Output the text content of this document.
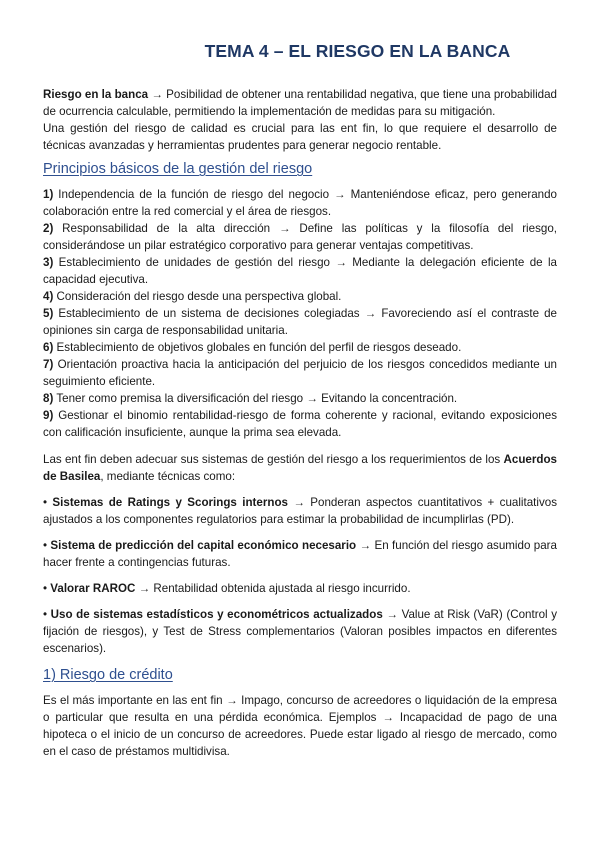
TEMA 4 – EL RIESGO EN LA BANCA

Riesgo en la banca → Posibilidad de obtener una rentabilidad negativa, que tiene una probabilidad de ocurrencia calculable, permitiendo la implementación de medidas para su mitigación.

Una gestión del riesgo de calidad es crucial para las ent fin, lo que requiere el desarrollo de técnicas avanzadas y herramientas prudentes para generar negocio rentable.

Principios básicos de la gestión del riesgo

1) Independencia de la función de riesgo del negocio → Manteniéndose eficaz, pero generando colaboración entre la red comercial y el área de riesgos.

2) Responsabilidad de la alta dirección → Define las políticas y la filosofía del riesgo, considerándose un pilar estratégico corporativo para generar ventajas competitivas.

3) Establecimiento de unidades de gestión del riesgo → Mediante la delegación eficiente de la capacidad ejecutiva.

4) Consideración del riesgo desde una perspectiva global.

5) Establecimiento de un sistema de decisiones colegiadas → Favoreciendo así el contraste de opiniones sin carga de responsabilidad unitaria.

6) Establecimiento de objetivos globales en función del perfil de riesgos deseado.

7) Orientación proactiva hacia la anticipación del perjuicio de los riesgos concedidos mediante un seguimiento eficiente.

8) Tener como premisa la diversificación del riesgo → Evitando la concentración.

9) Gestionar el binomio rentabilidad-riesgo de forma coherente y racional, evitando exposiciones con calificación insuficiente, aunque la prima sea elevada.

Las ent fin deben adecuar sus sistemas de gestión del riesgo a los requerimientos de los Acuerdos de Basilea, mediante técnicas como:

• Sistemas de Ratings y Scorings internos → Ponderan aspectos cuantitativos + cualitativos ajustados a los componentes regulatorios para estimar la probabilidad de incumplirlas (PD).

• Sistema de predicción del capital económico necesario → En función del riesgo asumido para hacer frente a contingencias futuras.

• Valorar RAROC → Rentabilidad obtenida ajustada al riesgo incurrido.

• Uso de sistemas estadísticos y econométricos actualizados → Value at Risk (VaR) (Control y fijación de riesgos), y Test de Stress complementarios (Valoran posibles impactos en diferentes escenarios).

1) Riesgo de crédito

Es el más importante en las ent fin → Impago, concurso de acreedores o liquidación de la empresa o particular que resulta en una pérdida económica. Ejemplos → Incapacidad de pago de una hipoteca o el inicio de un concurso de acreedores. Puede estar ligado al riesgo de mercado, como en el caso de préstamos multidivisa.
